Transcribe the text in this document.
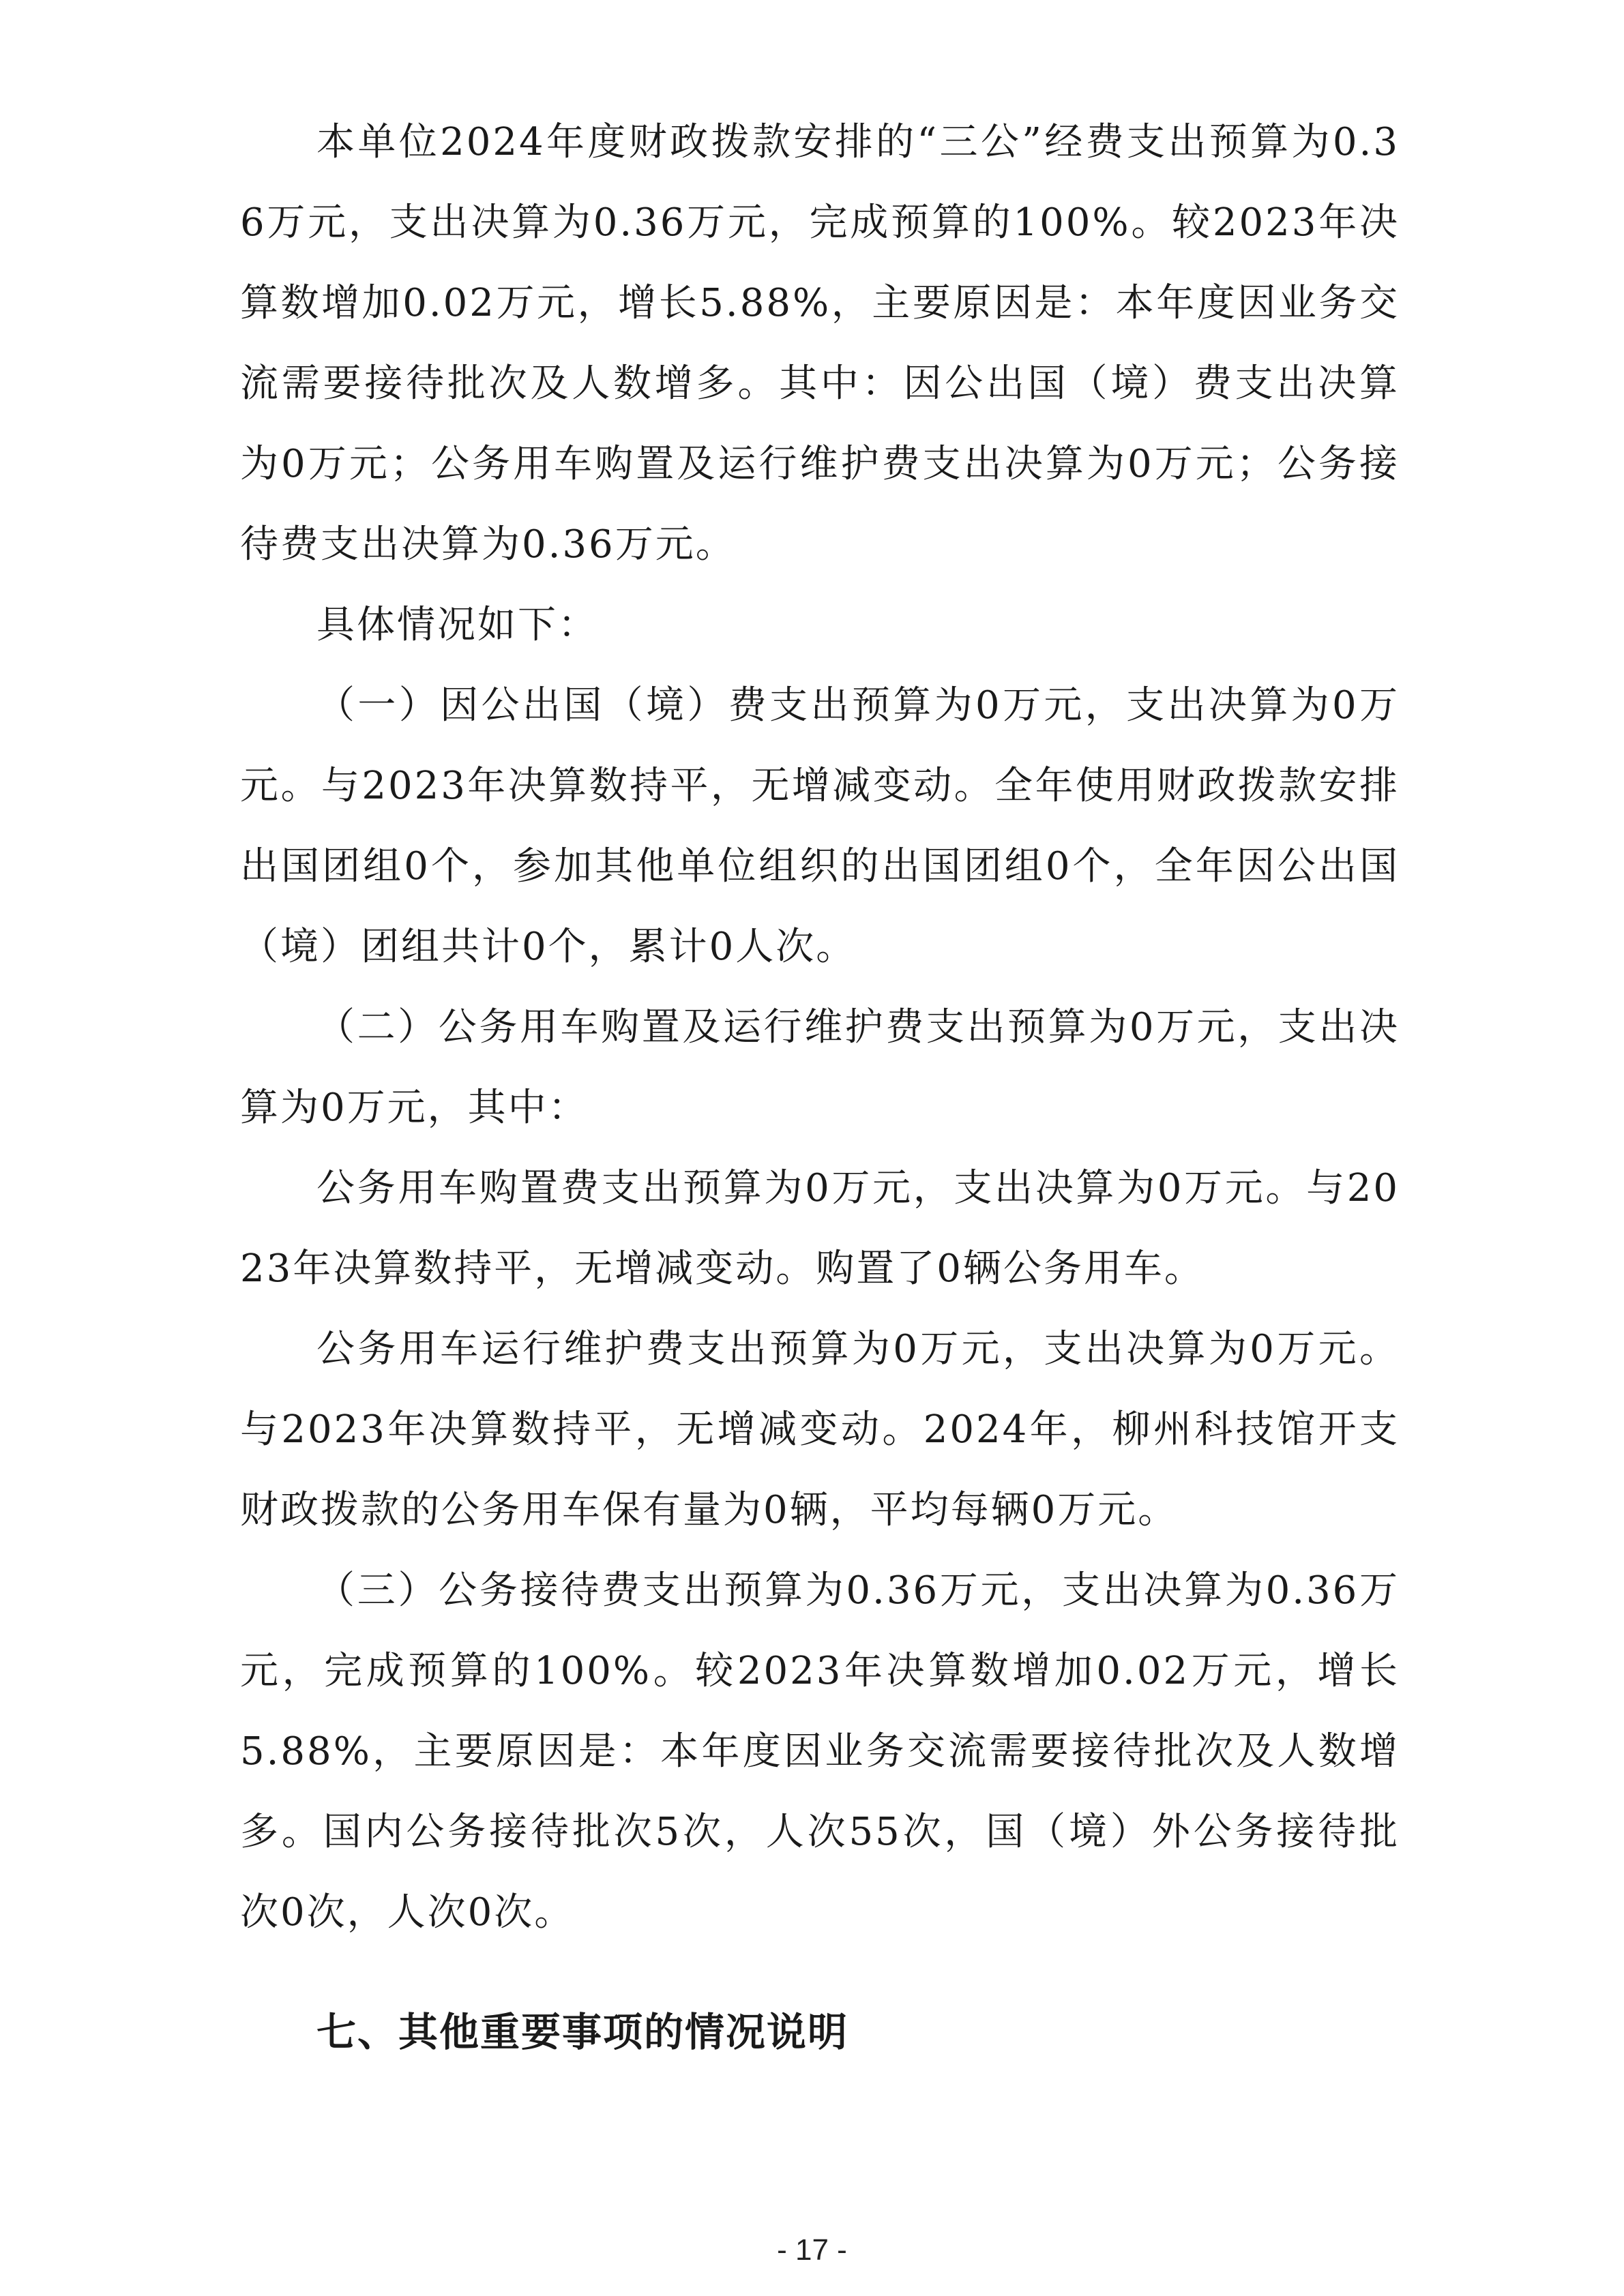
本单位2024年度财政拨款安排的“三公”经费支出预算为0.36万元，支出决算为0.36万元，完成预算的100%。较2023年决算数增加0.02万元，增长5.88%，主要原因是：本年度因业务交流需要接待批次及人数增多。其中：因公出国（境）费支出决算为0万元；公务用车购置及运行维护费支出决算为0万元；公务接待费支出决算为0.36万元。

具体情况如下：

（一）因公出国（境）费支出预算为0万元，支出决算为0万元。与2023年决算数持平，无增减变动。全年使用财政拨款安排出国团组0个，参加其他单位组织的出国团组0个，全年因公出国（境）团组共计0个，累计0人次。

（二）公务用车购置及运行维护费支出预算为0万元，支出决算为0万元，其中：

公务用车购置费支出预算为0万元，支出决算为0万元。与2023年决算数持平，无增减变动。购置了0辆公务用车。

公务用车运行维护费支出预算为0万元，支出决算为0万元。与2023年决算数持平，无增减变动。2024年，柳州科技馆开支财政拨款的公务用车保有量为0辆，平均每辆0万元。

（三）公务接待费支出预算为0.36万元，支出决算为0.36万元，完成预算的100%。较2023年决算数增加0.02万元，增长5.88%，主要原因是：本年度因业务交流需要接待批次及人数增多。国内公务接待批次5次，人次55次，国（境）外公务接待批次0次，人次0次。

七、其他重要事项的情况说明
- 17 -
